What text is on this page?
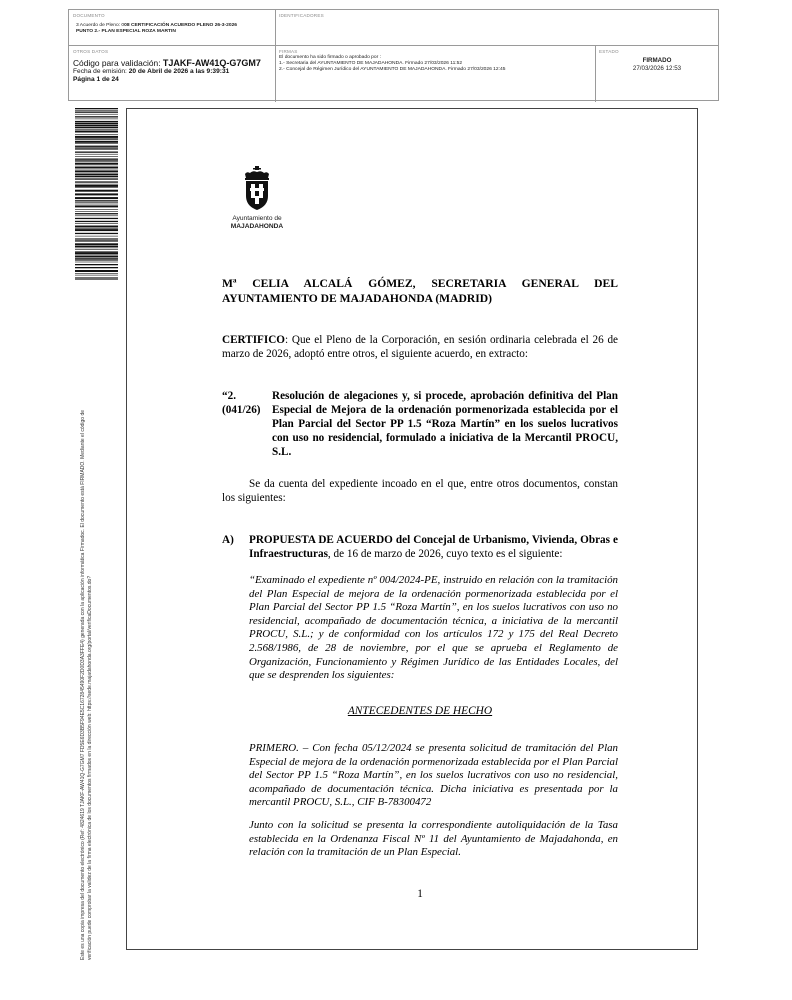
DOCUMENTO
3 Acuerdo de Pleno: 008 CERTIFICACIÓN ACUERDO PLENO 26-3-2026
PUNTO 2.- PLAN ESPECIAL ROZA MARTIN
IDENTIFICADORES
OTROS DATOS
Código para validación: TJAKF-AW41Q-G7GM7
Fecha de emisión: 20 de Abril de 2026 a las 9:39:31
Página 1 de 24
FIRMAS
El documento ha sido firmado o aprobado por :
1.- Secretaria del AYUNTAMIENTO DE MAJADAHONDA. Firmado 27/03/2026 11:52
2.- Concejal de Régimen Jurídico del AYUNTAMIENTO DE MAJADAHONDA. Firmado 27/03/2026 12:45
ESTADO
FIRMADO
27/03/2026 12:53
Este es una copia impresa del documento electrónico (Ref: 4824619 TJAKF-AW41Q-G7GM7 FD5E6D3B5F94E5C1672845490F2D0D3A3FFE4) generada con la aplicación informática Firmadoc. El documento está FIRMADO. Mediante el código de verificación puede comprobar la validez de la firma electrónica de los documentos firmados en la dirección web: https://sede.majadahonda.org/portal/verificaDocumentos.do?
Ayuntamiento de
MAJADAHONDA
Mª CELIA ALCALÁ GÓMEZ, SECRETARIA GENERAL DEL
AYUNTAMIENTO DE MAJADAHONDA (MADRID)
CERTIFICO: Que el Pleno de la Corporación, en sesión ordinaria celebrada el 26 de marzo de 2026, adoptó entre otros, el siguiente acuerdo, en extracto:
“2.(041/26)
Resolución de alegaciones y, si procede, aprobación definitiva del Plan Especial de Mejora de la ordenación pormenorizada establecida por el Plan Parcial del Sector PP 1.5 “Roza Martín” en los suelos lucrativos con uso no residencial, formulado a iniciativa de la Mercantil PROCU, S.L.
Se da cuenta del expediente incoado en el que, entre otros documentos, constan los siguientes:
A) PROPUESTA DE ACUERDO del Concejal de Urbanismo, Vivienda, Obras e Infraestructuras, de 16 de marzo de 2026, cuyo texto es el siguiente:
“Examinado el expediente nº 004/2024-PE, instruido en relación con la tramitación del Plan Especial de mejora de la ordenación pormenorizada establecida por el Plan Parcial del Sector PP 1.5 “Roza Martín”, en los suelos lucrativos con uso no residencial, acompañado de documentación técnica, a iniciativa de la mercantil PROCU, S.L.; y de conformidad con los artículos 172 y 175 del Real Decreto 2.568/1986, de 28 de noviembre, por el que se aprueba el Reglamento de Organización, Funcionamiento y Régimen Jurídico de las Entidades Locales, del que se desprenden los siguientes:
ANTECEDENTES DE HECHO
PRIMERO. – Con fecha 05/12/2024 se presenta solicitud de tramitación del Plan Especial de mejora de la ordenación pormenorizada establecida por el Plan Parcial del Sector PP 1.5 “Roza Martín”, en los suelos lucrativos con uso no residencial, acompañado de documentación técnica. Dicha iniciativa es presentada por la mercantil PROCU, S.L., CIF B-78300472
Junto con la solicitud se presenta la correspondiente autoliquidación de la Tasa establecida en la Ordenanza Fiscal Nº 11 del Ayuntamiento de Majadahonda, en relación con la tramitación de un Plan Especial.
1
